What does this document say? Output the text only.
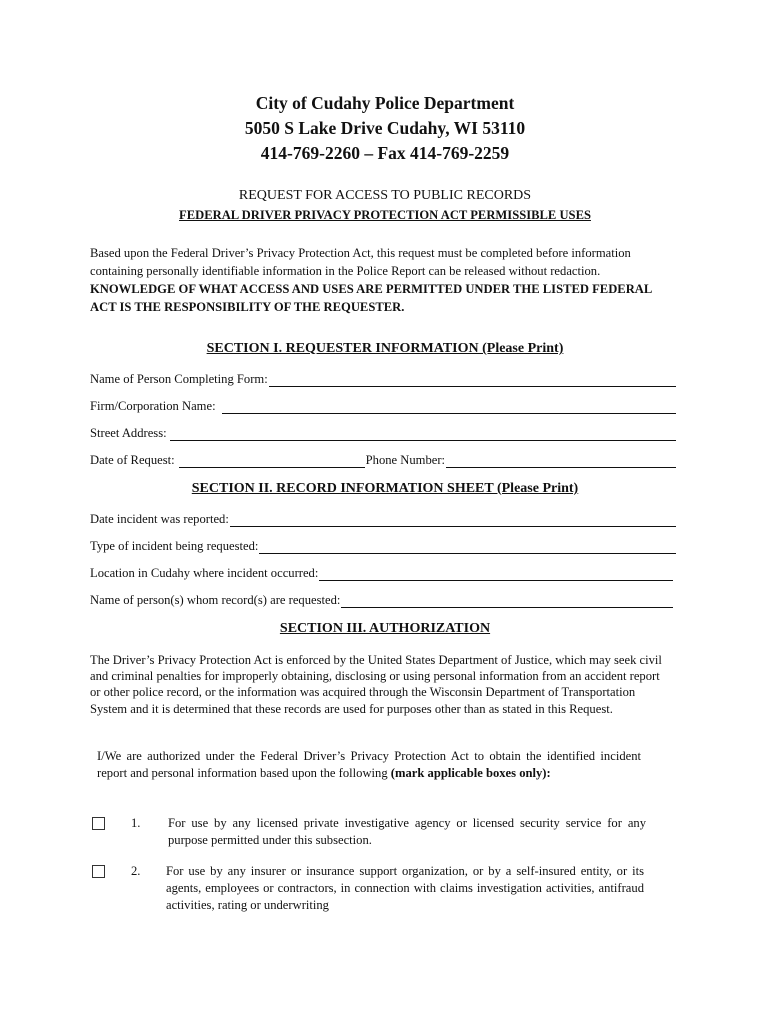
City of Cudahy Police Department
5050 S Lake Drive Cudahy, WI 53110
414-769-2260 – Fax 414-769-2259
REQUEST FOR ACCESS TO PUBLIC RECORDS
FEDERAL DRIVER PRIVACY PROTECTION ACT PERMISSIBLE USES
Based upon the Federal Driver’s Privacy Protection Act, this request must be completed before information containing personally identifiable information in the Police Report can be released without redaction.  KNOWLEDGE OF WHAT ACCESS AND USES ARE PERMITTED UNDER THE LISTED FEDERAL ACT IS THE RESPONSIBILITY OF THE REQUESTER.
SECTION I. REQUESTER INFORMATION (Please Print)
Name of Person Completing Form:
Firm/Corporation Name:
Street Address:
Date of Request:	Phone Number:
SECTION II. RECORD INFORMATION SHEET (Please Print)
Date incident was reported:
Type of incident being requested:
Location in Cudahy where incident occurred:
Name of person(s) whom record(s) are requested:
SECTION III. AUTHORIZATION
The Driver’s Privacy Protection Act is enforced by the United States Department of Justice, which may seek civil and criminal penalties for improperly obtaining, disclosing or using personal information from an accident report or other police record, or the information was acquired through the Wisconsin Department of Transportation System and it is determined that these records are used for purposes other than as stated in this Request.
I/We are authorized under the Federal Driver’s Privacy Protection Act to obtain the identified incident report and personal information based upon the following (mark applicable boxes only):
1. For use by any licensed private investigative agency or licensed security service for any purpose permitted under this subsection.
2. For use by any insurer or insurance support organization, or by a self-insured entity, or its agents, employees or contractors, in connection with claims investigation activities, antifraud activities, rating or underwriting
